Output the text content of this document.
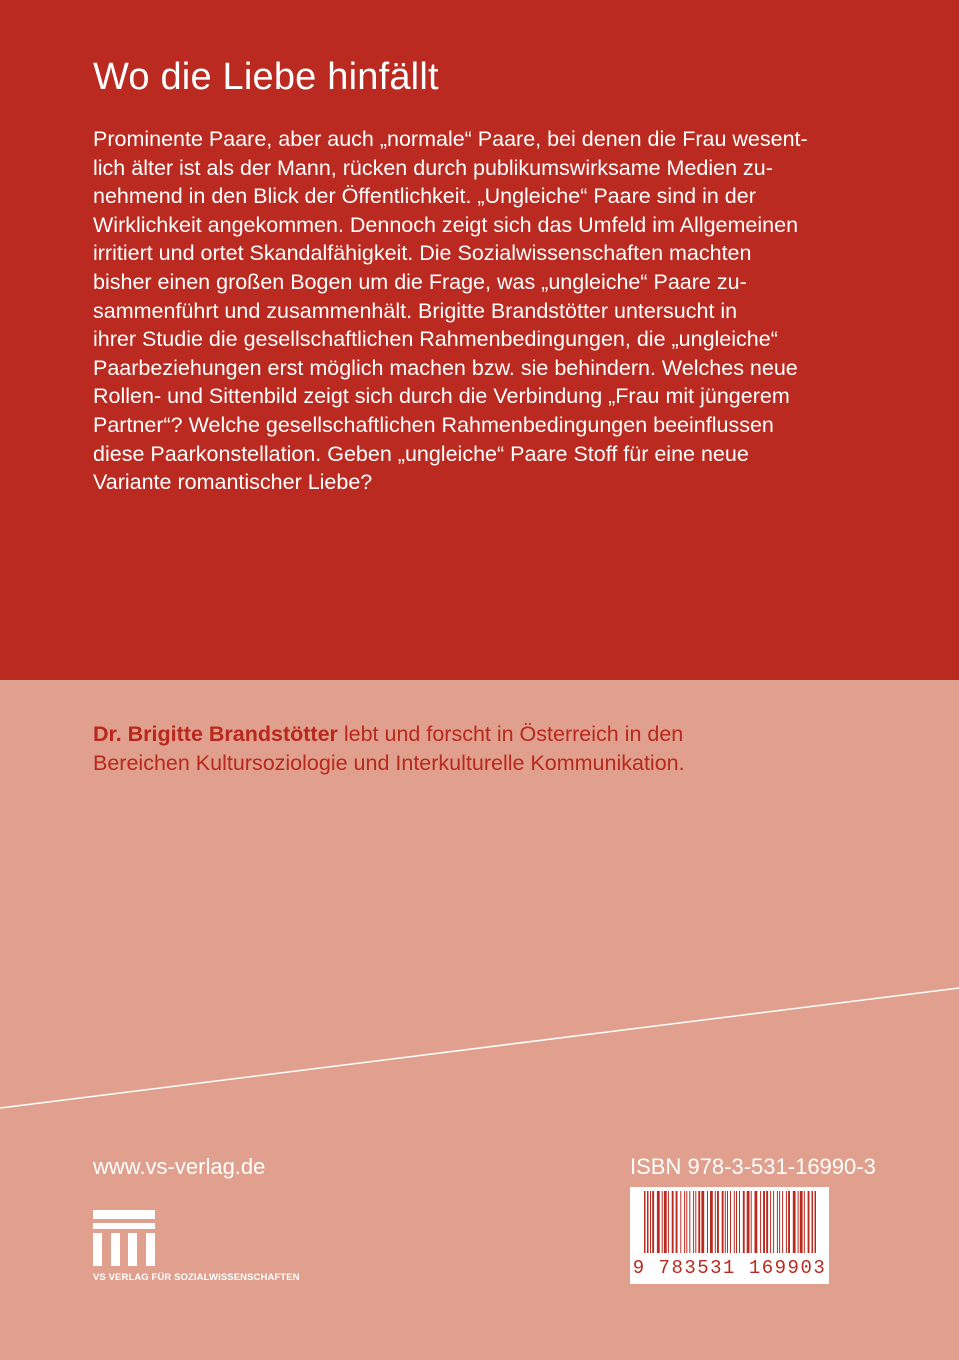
Wo die Liebe hinfällt
Prominente Paare, aber auch „normale“ Paare, bei denen die Frau wesent-
lich älter ist als der Mann, rücken durch publikumswirksame Medien zu-
nehmend in den Blick der Öffentlichkeit. „Ungleiche“ Paare sind in der
Wirklichkeit angekommen. Dennoch zeigt sich das Umfeld im Allgemeinen
irritiert und ortet Skandalfähigkeit. Die Sozialwissenschaften machten
bisher einen großen Bogen um die Frage, was „ungleiche“ Paare zu-
sammenführt und zusammenhält. Brigitte Brandstötter untersucht in
ihrer Studie die gesellschaftlichen Rahmenbedingungen, die „ungleiche“
Paarbeziehungen erst möglich machen bzw. sie behindern. Welches neue
Rollen- und Sittenbild zeigt sich durch die Verbindung „Frau mit jüngerem
Partner“? Welche gesellschaftlichen Rahmenbedingungen beeinflussen
diese Paarkonstellation. Geben „ungleiche“ Paare Stoff für eine neue
Variante romantischer Liebe?
Dr. Brigitte Brandstötter lebt und forscht in Österreich in den
Bereichen Kultursoziologie und Interkulturelle Kommunikation.
www.vs-verlag.de
VS VERLAG FÜR SOZIALWISSENSCHAFTEN
ISBN 978-3-531-16990-3
9 783531 169903
